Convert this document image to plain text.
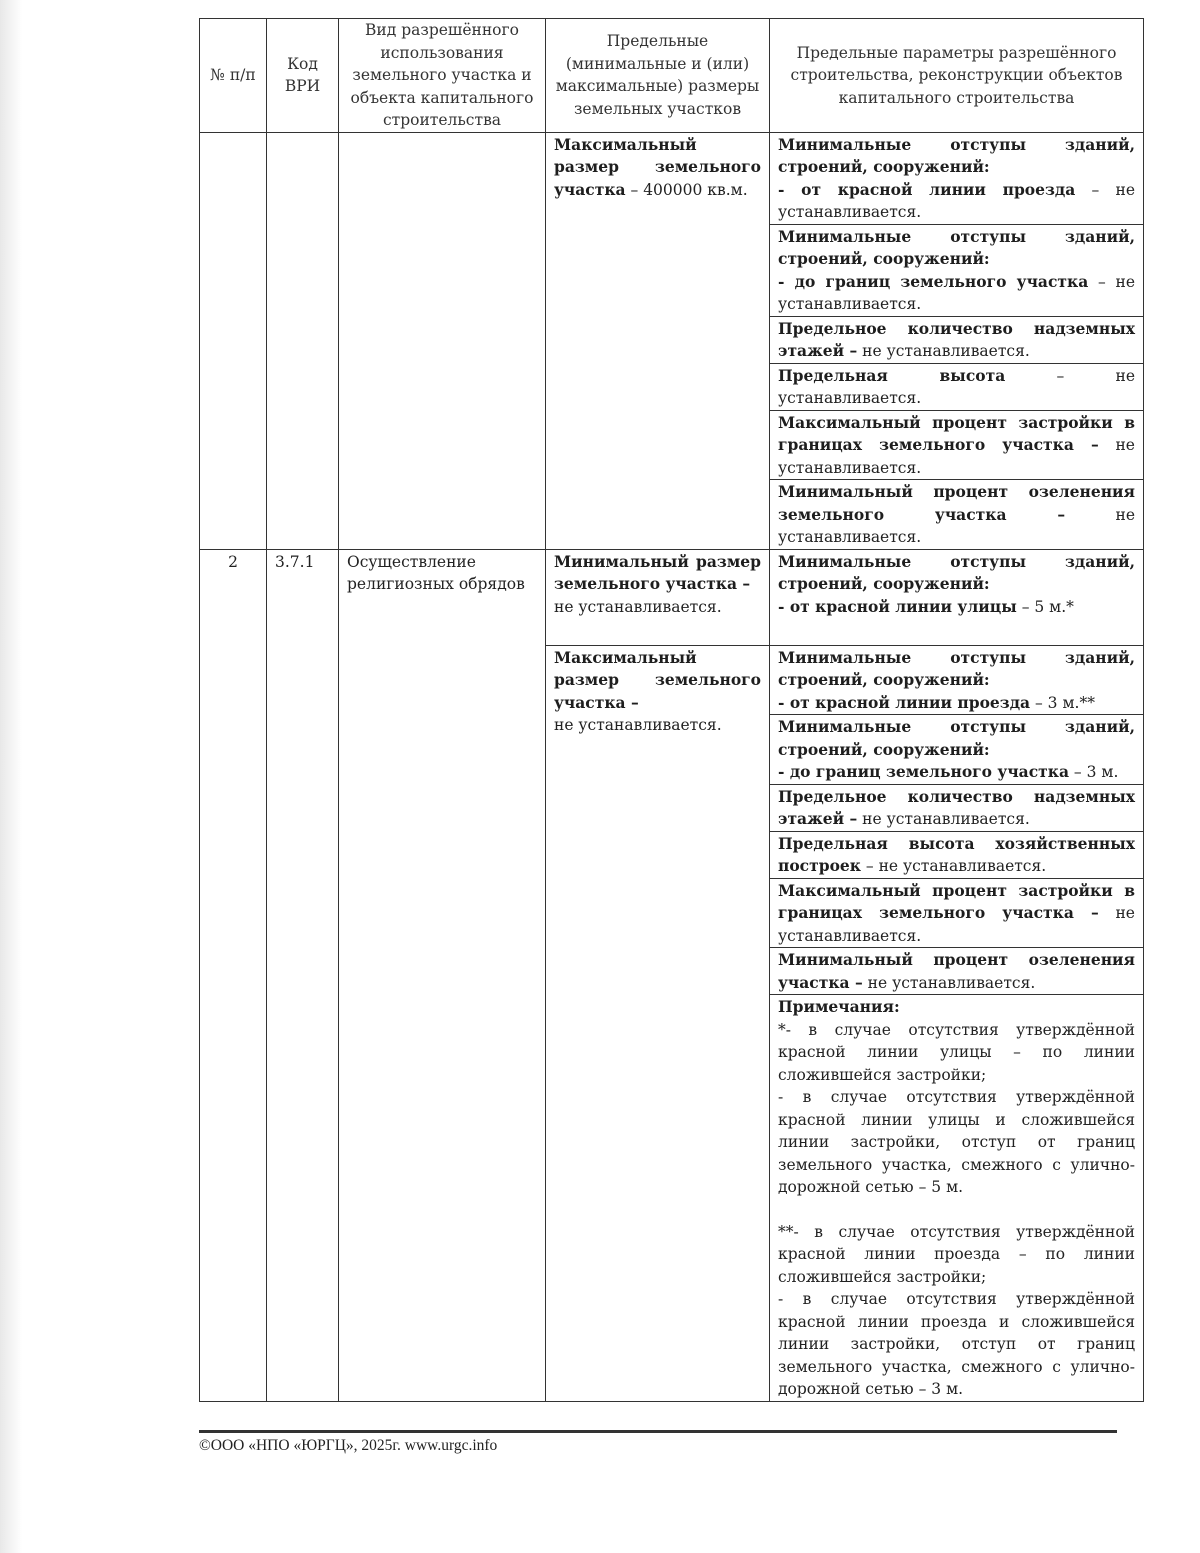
№ п/п	Код ВРИ	Вид разрешённого использования земельного участка и объекта капитального строительства	Предельные (минимальные и (или) максимальные) размеры земельных участков	Предельные параметры разрешённого строительства, реконструкции объектов капитального строительства
			Максимальный размер земельного участка – 400000 кв.м.	Минимальные отступы зданий, строений, сооружений:
- от красной линии проезда – не устанавливается.
				Минимальные отступы зданий, строений, сооружений:
- до границ земельного участка – не устанавливается.
				Предельное количество надземных этажей – не устанавливается.
				Предельная высота – не устанавливается.
				Максимальный процент застройки в границах земельного участка – не устанавливается.
				Минимальный процент озеленения земельного участка – не устанавливается.
2	3.7.1	Осуществление религиозных обрядов	Минимальный размер земельного участка –
не устанавливается.	Минимальные отступы зданий, строений, сооружений:
- от красной линии улицы – 5 м.*
			Максимальный размер земельного участка –
не устанавливается.	Минимальные отступы зданий, строений, сооружений:
- от красной линии проезда – 3 м.**
				Минимальные отступы зданий, строений, сооружений:
- до границ земельного участка – 3 м.
				Предельное количество надземных этажей – не устанавливается.
				Предельная высота хозяйственных построек – не устанавливается.
				Максимальный процент застройки в границах земельного участка – не устанавливается.
				Минимальный процент озеленения участка – не устанавливается.

				Примечания:
*- в случае отсутствия утверждённой красной линии улицы – по линии сложившейся застройки;
- в случае отсутствия утверждённой красной линии улицы и сложившейся линии застройки, отступ от границ земельного участка, смежного с улично-дорожной сетью – 5 м.
**- в случае отсутствия утверждённой красной линии проезда – по линии сложившейся застройки;
- в случае отсутствия утверждённой красной линии проезда и сложившейся линии застройки, отступ от границ земельного участка, смежного с улично-дорожной сетью – 3 м.
©ООО «НПО «ЮРГЦ», 2025г. www.urgc.info
